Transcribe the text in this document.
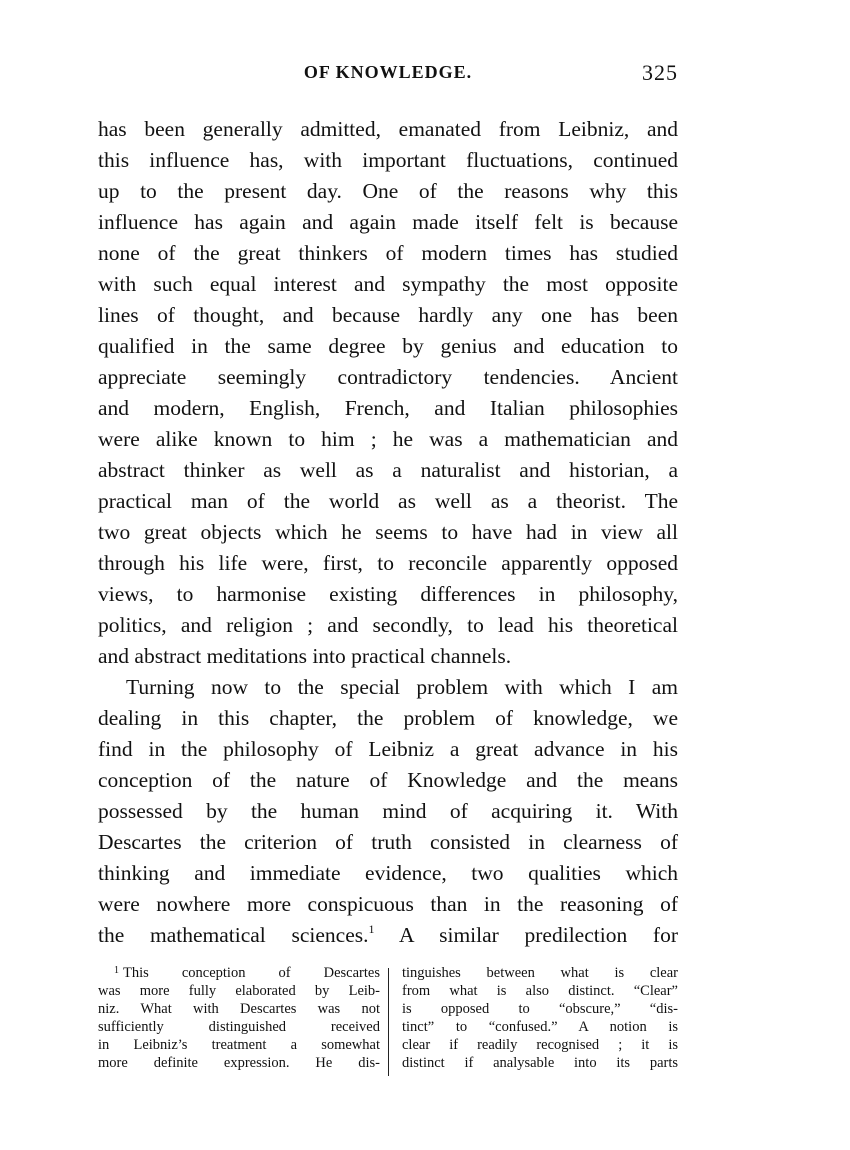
OF KNOWLEDGE.	325
has been generally admitted, emanated from Leibniz, and
this influence has, with important fluctuations, continued
up to the present day. One of the reasons why this
influence has again and again made itself felt is because
none of the great thinkers of modern times has studied
with such equal interest and sympathy the most opposite
lines of thought, and because hardly any one has been
qualified in the same degree by genius and education to
appreciate seemingly contradictory tendencies. Ancient
and modern, English, French, and Italian philosophies
were alike known to him ; he was a mathematician and
abstract thinker as well as a naturalist and historian, a
practical man of the world as well as a theorist. The
two great objects which he seems to have had in view all
through his life were, first, to reconcile apparently opposed
views, to harmonise existing differences in philosophy,
politics, and religion ; and secondly, to lead his theoretical
and abstract meditations into practical channels.
Turning now to the special problem with which I am
dealing in this chapter, the problem of knowledge, we
find in the philosophy of Leibniz a great advance in his
conception of the nature of Knowledge and the means
possessed by the human mind of acquiring it. With
Descartes the criterion of truth consisted in clearness of
thinking and immediate evidence, two qualities which
were nowhere more conspicuous than in the reasoning of
the mathematical sciences.$^1$ A similar predilection for
$^1$ This conception of Descartes
was more fully elaborated by Leib-
niz. What with Descartes was not
sufficiently distinguished received
in Leibniz’s treatment a somewhat
more definite expression. He dis-
tinguishes between what is clear
from what is also distinct. “Clear”
is opposed to “obscure,” “dis-
tinct” to “confused.” A notion is
clear if readily recognised ; it is
distinct if analysable into its parts
